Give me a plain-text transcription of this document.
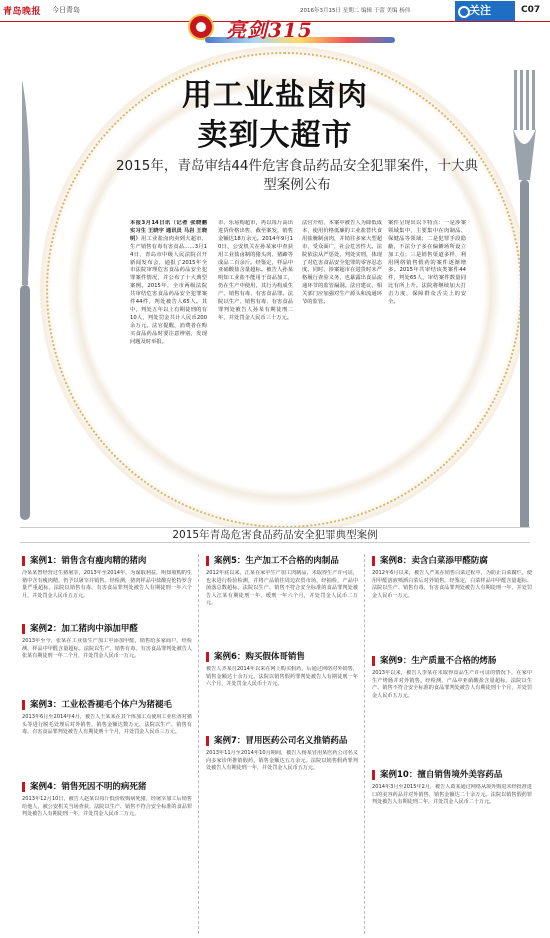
青岛晚报 今日青岛	2016年3月15日 星期二 编辑 于蕾 美编 杨伟	关注	C07
亮剑315
用工业盐卤肉
卖到大超市
2015年，青岛审结44件危害食品药品安全犯罪案件，十大典型案例公布
本报3月14日讯（记者 张晓鹏 实习生 王晓宇 通讯员 马岩 王晓明）用工业盐卤肉卖到大超市，生产销售有毒有害食品……3月14日，青岛市中级人民法院召开新闻发布会，通报了2015年全市法院审理危害食品药品安全犯罪案件情况，并公布了十大典型案例。2015年，全市两级法院共审结危害食品药品安全犯罪案件44件，判处被告人65人。其中，判处五年以上有期徒刑的有10人，判处罚金共计人民币200余万元。法官提醒，消费者在购买食品药品时要注意辨别，发现问题及时举报。
市、乐易购超市，再以每斤高出进货价格出售，截至案发，销售金额达18万余元。2014年9月10日，公安机关在孙某家中查获用工业盐卤制的猪头肉、猪蹄等成品二百余斤。经鉴定，样品中亚硝酸盐含量超标。被告人孙某明知工业盐不能用于食品加工，仍在生产中使用，其行为构成生产、销售有毒、有害食品罪。法院以生产、销售有毒、有害食品罪判处被告人孙某有期徒刑二年，并处罚金人民币三十万元。
法官介绍，本案中被告人为降低成本，使用价格低廉的工业盐替代食用盐腌制卤肉，并销往多家大型超市，受众面广，社会危害性大。法院依法从严惩处，判处实刑，体现了对危害食品安全犯罪的零容忍态度。同时，涉案超市在进货时未严格履行查验义务，也暴露出食品流通环节的监管漏洞。法官建议，相关部门应加强对生产源头和流通环节的监管。
案件呈现出以下特点：一是涉案领域集中，主要集中在肉制品、保健品等领域；二是犯罪手段隐蔽，不法分子多在偏僻场所设立加工点；三是销售渠道多样，利用网络销售假药的案件逐渐增多。2015年共审结该类案件44件，判处65人，审结案件数量同比有所上升。法院将继续加大打击力度，保障群众舌尖上的安全。
2015年青岛危害食品药品安全犯罪典型案例
案例1：销售含有瘦肉精的猪肉
冷某某曾经营过生猪屠宰，2013年至2014年，为谋取利益，明知收购的生猪中含有瘦肉精，仍予以屠宰并销售。经检测，猪肉样品中盐酸克伦特罗含量严重超标。法院以销售有毒、有害食品罪判处被告人有期徒刑一年六个月，并处罚金人民币五万元。
案例2：加工猪肉中添加甲醛
2013年至今，张某在工业盐生产加工中添加甲醛，销售给多家商户。经检测，样品中甲醛含量超标。法院以生产、销售有毒、有害食品罪判处被告人张某有期徒刑一年二个月，并处罚金人民币一万元。
案例3：工业松香褪毛个体户为猪褪毛
2013年6月至2014年4月，被告人王某某在其个体加工点使用工业松香对猪头等进行脱毛处理后对外销售，销售金额达数万元。法院以生产、销售有毒、有害食品罪判处被告人有期徒刑十个月，并处罚金人民币三万元。
案例4：销售死因不明的病死猪
2013年12月10日，被告人赵某以每斤低价收购病死猪，经屠宰加工后销售给他人，被公安机关当场查获。法院以生产、销售不符合安全标准的食品罪判处被告人有期徒刑一年，并处罚金人民币二万元。
案例5：生产加工不合格的肉制品
2012年底以来，江某在家中生产加工肉制品，未取得生产许可证，也未进行检验检测，并将产品销往周边农贸市场。经抽检，产品中菌落总数超标。法院以生产、销售不符合安全标准的食品罪判处被告人江某有期徒刑一年，缓刑一年六个月，并处罚金人民币二万元。
案例6：购买假体哥销售
被告人齐某自2014年以来在网上购买假药，后通过网络对外销售，销售金额达十余万元。法院以销售假药罪判处被告人有期徒刑一年六个月，并处罚金人民币十万元。
案例7：冒用医药公司名义推销药品
2013年11月至2014年10月期间，被告人杨某冒用某医药公司名义向多家诊所推销假药，销售金额达五万余元。法院以销售假药罪判处被告人有期徒刑一年，并处罚金人民币五万元。
案例8：卖含白菜添甲醛防腐
2012年6月以来，被告人严某在销售白菜过程中，为防止白菜腐烂，使用甲醛溶液喷洒白菜后对外销售。经鉴定，白菜样品中甲醛含量超标。法院以生产、销售有毒、有害食品罪判处被告人有期徒刑一年，并处罚金人民币一万元。
案例9：生产质量不合格的烤肠
2013年以来，被告人李某在未取得食品生产许可证的情况下，在家中生产烤肠并对外销售。经检测，产品中亚硝酸盐含量超标。法院以生产、销售不符合安全标准的食品罪判处被告人有期徒刑十个月，并处罚金人民币五万元。
案例10：擅自销售境外美容药品
2014年3月至2015年2月，被告人葛某通过网络从境外购进未经批准进口的美容药品并对外销售，销售金额达二十余万元。法院以销售假药罪判处被告人有期徒刑二年，并处罚金人民币二十万元。
